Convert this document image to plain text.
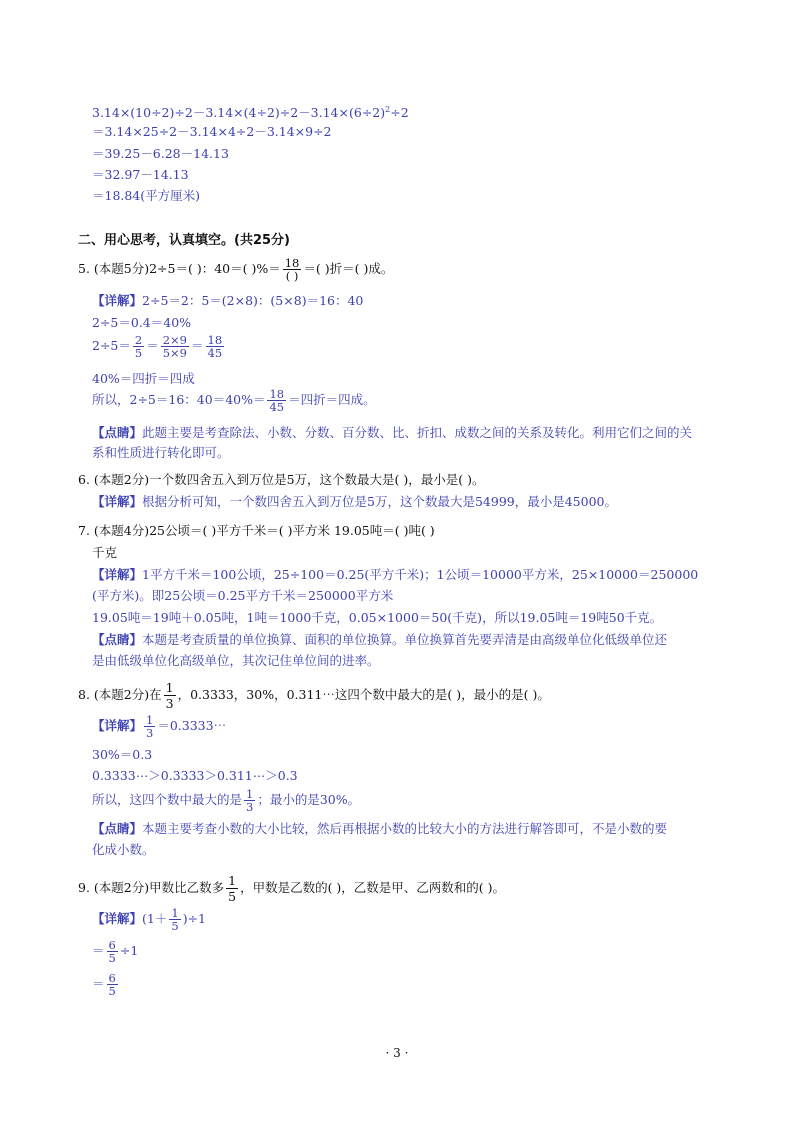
$3.14\times(10\div 2)\div 2-3.14\times(4\div 2)\div 2-3.14\times(6\div 2)^2\div 2$
＝3.14×25÷2－3.14×4÷2－3.14×9÷2
＝39.25－6.28－14.13
＝32.97－14.13
＝18.84(平方厘米)
二、用心思考，认真填空。(共25分)
5. (本题5分)2÷5＝( )：40＝( )%＝ $\frac{18}{( )}$ ＝( )折＝( )成。
【详解】2÷5＝2：5＝(2×8)：(5×8)＝16：40
2÷5＝0.4＝40%
$2\div 5= \frac{2}{5} = \frac{2\times 9}{5\times 9} = \frac{18}{45}$
40%＝四折＝四成
所以，2÷5＝16：$40=40\%= \frac{18}{45}$ ＝四折＝四成。
【点睛】此题主要是考查除法、小数、分数、百分数、比、折扣、成数之间的关系及转化。利用它们之间的关
系和性质进行转化即可。
6. (本题2分)一个数四舍五入到万位是5万，这个数最大是( )，最小是( )。
【详解】根据分析可知，一个数四舍五入到万位是5万，这个数最大是54999，最小是45000。
7. (本题4分)25公顷＝( )平方千米＝( )平方米 19.05吨＝( )吨( )
千克
【详解】1平方千米＝100公顷，25÷100＝0.25(平方千米)；1公顷＝10000平方米，25×10000＝250000
(平方米)。即25公顷＝0.25平方千米＝250000平方米
19.05吨＝19吨＋0.05吨，1吨＝1000千克，0.05×1000＝50(千克)，所以19.05吨＝19吨50千克。
【点睛】本题是考查质量的单位换算、面积的单位换算。单位换算首先要弄清是由高级单位化低级单位还
是由低级单位化高级单位，其次记住单位间的进率。
8. (本题2分)在 $\frac{1}{3}$ ，0.3333，30%，0.311⋯这四个数中最大的是( )，最小的是( )。
【详解】 $\frac{1}{3}$ ＝0.3333⋯
30%＝0.3
0.3333⋯＞0.3333＞0.311⋯＞0.3
所以，这四个数中最大的是 $\frac{1}{3}$ ；最小的是30%。
【点睛】本题主要考查小数的大小比较，然后再根据小数的比较大小的方法进行解答即可，不是小数的要
化成小数。
9. (本题2分)甲数比乙数多 $\frac{1}{5}$ ，甲数是乙数的( )，乙数是甲、乙两数和的( )。
【详解】$(1+ \frac{1}{5} )\div 1$
＝ $\frac{6}{5} \div 1$
＝ $\frac{6}{5}$
· 3 ·
